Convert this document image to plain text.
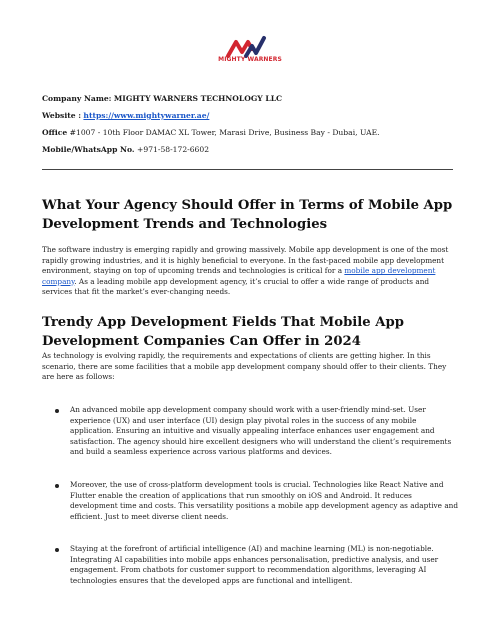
MIGHTY WARNERS
Company Name: MIGHTY WARNERS TECHNOLOGY LLC
Website : https://www.mightywarner.ae/
Office #1007 - 10th Floor DAMAC XL Tower, Marasi Drive, Business Bay - Dubai, UAE.
Mobile/WhatsApp No. +971-58-172-6602
What Your Agency Should Offer in Terms of Mobile App Development Trends and Technologies

The software industry is emerging rapidly and growing massively. Mobile app development is one of the most rapidly growing industries, and it is highly beneficial to everyone. In the fast-paced mobile app development environment, staying on top of upcoming trends and technologies is critical for a mobile app development company. As a leading mobile app development agency, it’s crucial to offer a wide range of products and services that fit the market’s ever-changing needs.

Trendy App Development Fields That Mobile App Development Companies Can Offer in 2024

As technology is evolving rapidly, the requirements and expectations of clients are getting higher. In this scenario, there are some facilities that a mobile app development company should offer to their clients. They are here as follows:

An advanced mobile app development company should work with a user-friendly mind-set. User experience (UX) and user interface (UI) design play pivotal roles in the success of any mobile application. Ensuring an intuitive and visually appealing interface enhances user engagement and satisfaction. The agency should hire excellent designers who will understand the client’s requirements and build a seamless experience across various platforms and devices.

Moreover, the use of cross-platform development tools is crucial. Technologies like React Native and Flutter enable the creation of applications that run smoothly on iOS and Android. It reduces development time and costs. This versatility positions a mobile app development agency as adaptive and efficient. Just to meet diverse client needs.

Staying at the forefront of artificial intelligence (AI) and machine learning (ML) is non-negotiable. Integrating AI capabilities into mobile apps enhances personalisation, predictive analysis, and user engagement. From chatbots for customer support to recommendation algorithms, leveraging AI technologies ensures that the developed apps are functional and intelligent.
